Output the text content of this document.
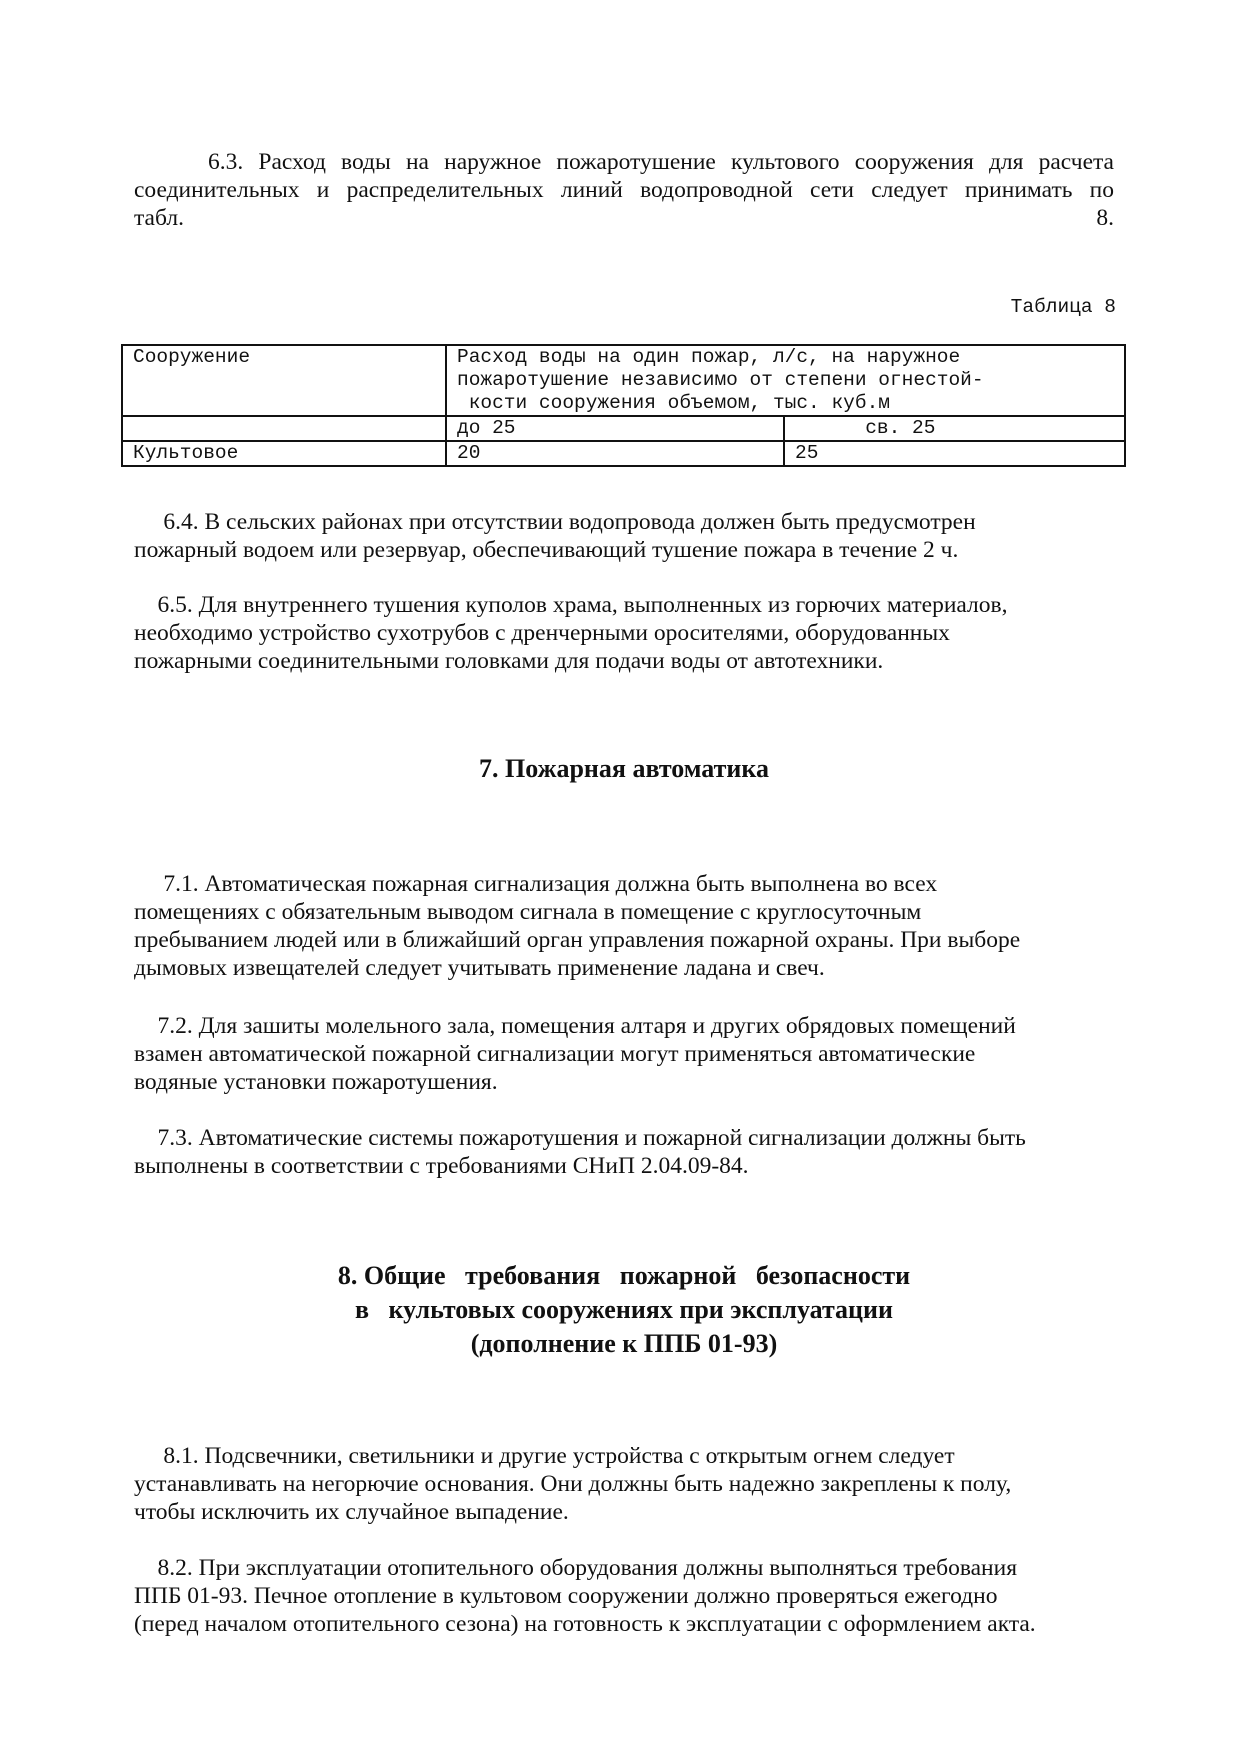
6.3. Расход воды на наружное пожаротушение культового сооружения для расчета
соединительных и распределительных линий водопроводной сети следует принимать по
табл.	8.
Таблица 8
Сооружение	Расход воды на один пожар, л/с, на наружное
пожаротушение независимо от степени огнестой-
кости сооружения объемом, тыс. куб.м	
	до 25	св. 25
Культовое	20	25
6.4. В сельских районах при отсутствии водопровода должен быть предусмотрен
пожарный водоем или резервуар, обеспечивающий тушение пожара в течение 2 ч.
6.5. Для внутреннего тушения куполов храма, выполненных из горючих материалов,
необходимо устройство сухотрубов с дренчерными оросителями, оборудованных
пожарными соединительными головками для подачи воды от автотехники.
7. Пожарная автоматика
7.1. Автоматическая пожарная сигнализация должна быть выполнена во всех
помещениях с обязательным выводом сигнала в помещение с круглосуточным
пребыванием людей или в ближайший орган управления пожарной охраны. При выборе
дымовых извещателей следует учитывать применение ладана и свеч.
7.2. Для зашиты молельного зала, помещения алтаря и других обрядовых помещений
взамен автоматической пожарной сигнализации могут применяться автоматические
водяные установки пожаротушения.
7.3. Автоматические системы пожаротушения и пожарной сигнализации должны быть
выполнены в соответствии с требованиями СНиП 2.04.09-84.
8. Общие   требования   пожарной   безопасности
в   культовых сооружениях при эксплуатации
(дополнение к ППБ 01-93)
8.1. Подсвечники, светильники и другие устройства с открытым огнем следует
устанавливать на негорючие основания. Они должны быть надежно закреплены к полу,
чтобы исключить их случайное выпадение.
8.2. При эксплуатации отопительного оборудования должны выполняться требования
ППБ 01-93. Печное отопление в культовом сооружении должно проверяться ежегодно
(перед началом отопительного сезона) на готовность к эксплуатации с оформлением акта.
